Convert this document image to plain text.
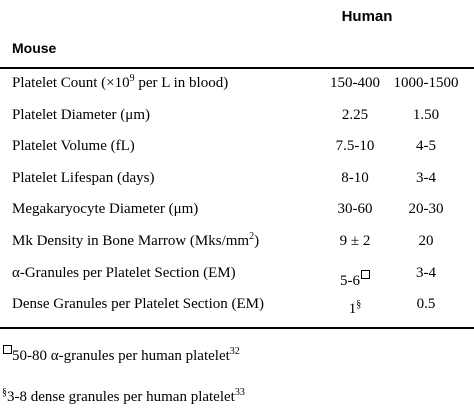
Human
Mouse
Platelet Count ($\times 10^9$ per L in blood)	150-400 1000-1500
Platelet Diameter (μm)	2.25	1.50
Platelet Volume (fL)	7.5-10	4-5
Platelet Lifespan (days)	8-10	3-4
Megakaryocyte Diameter (μm)	30-60	20-30
Mk Density in Bone Marrow $(Mks/mm^2)$	9 ± 2	20
α-Granules per Platelet Section (EM)	5-6	3-4
Dense Granules per Platelet Section (EM)	1§	0.5
50-80 α-granules per human platelet$^{32}$
§3-8 dense granules per human platelet$^{33}$
